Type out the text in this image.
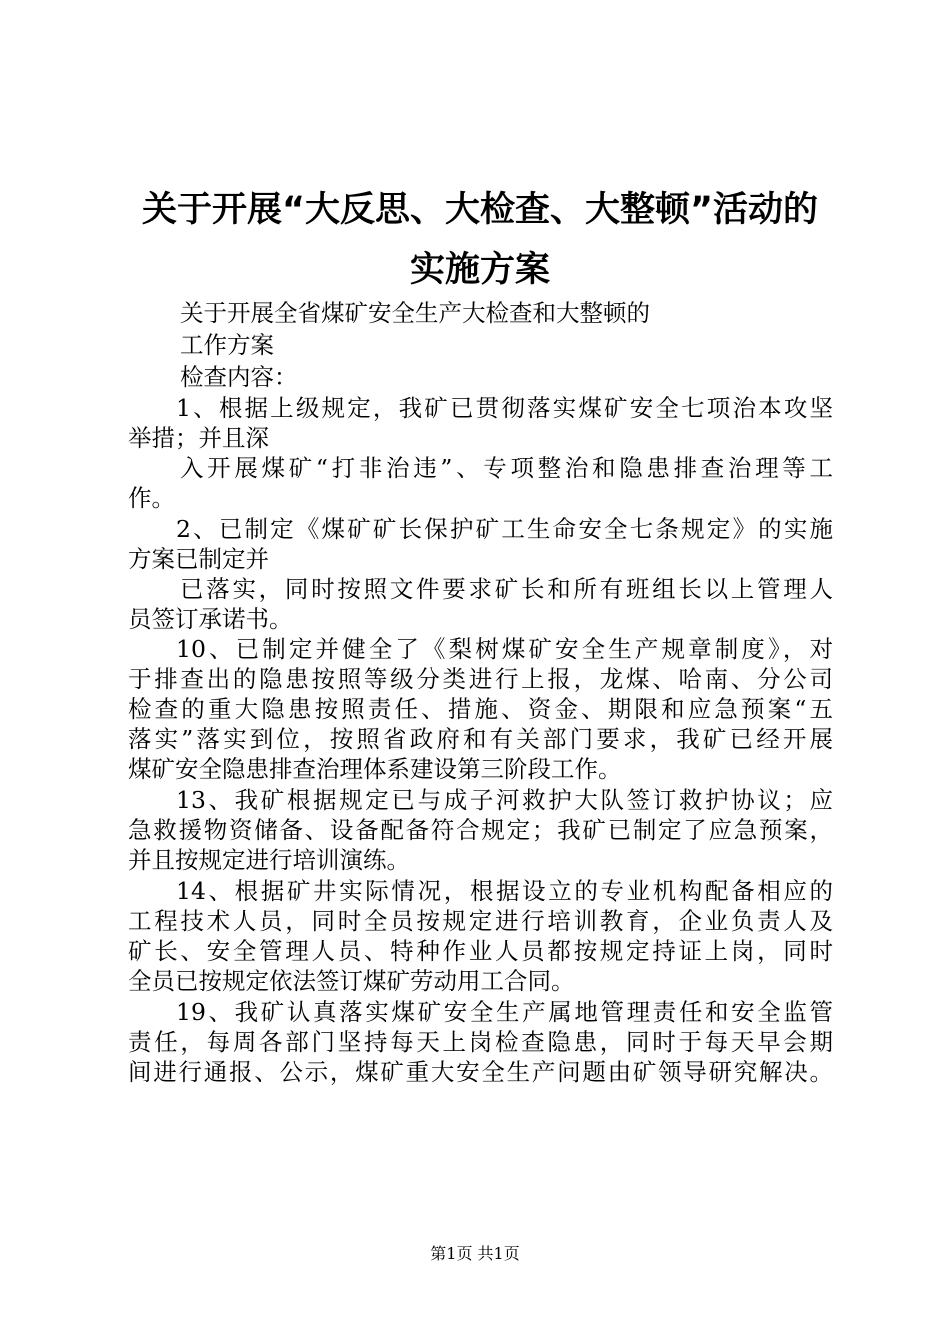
关于开展“大反思、大检查、大整顿”活动的
实施方案

关于开展全省煤矿安全生产大检查和大整顿的

工作方案

检查内容：

1、根据上级规定，我矿已贯彻落实煤矿安全七项治本攻坚

举措；并且深

入开展煤矿“打非治违”、专项整治和隐患排查治理等工

作。

2、已制定《煤矿矿长保护矿工生命安全七条规定》的实施

方案已制定并

已落实，同时按照文件要求矿长和所有班组长以上管理人

员签订承诺书。

10、已制定并健全了《梨树煤矿安全生产规章制度》，对

于排查出的隐患按照等级分类进行上报，龙煤、哈南、分公司

检查的重大隐患按照责任、措施、资金、期限和应急预案“五

落实”落实到位，按照省政府和有关部门要求，我矿已经开展

煤矿安全隐患排查治理体系建设第三阶段工作。

13、我矿根据规定已与成子河救护大队签订救护协议；应

急救援物资储备、设备配备符合规定；我矿已制定了应急预案，

并且按规定进行培训演练。

14、根据矿井实际情况，根据设立的专业机构配备相应的

工程技术人员，同时全员按规定进行培训教育，企业负责人及

矿长、安全管理人员、特种作业人员都按规定持证上岗，同时

全员已按规定依法签订煤矿劳动用工合同。

19、我矿认真落实煤矿安全生产属地管理责任和安全监管

责任，每周各部门坚持每天上岗检查隐患，同时于每天早会期

间进行通报、公示，煤矿重大安全生产问题由矿领导研究解决。

第1页 共1页
